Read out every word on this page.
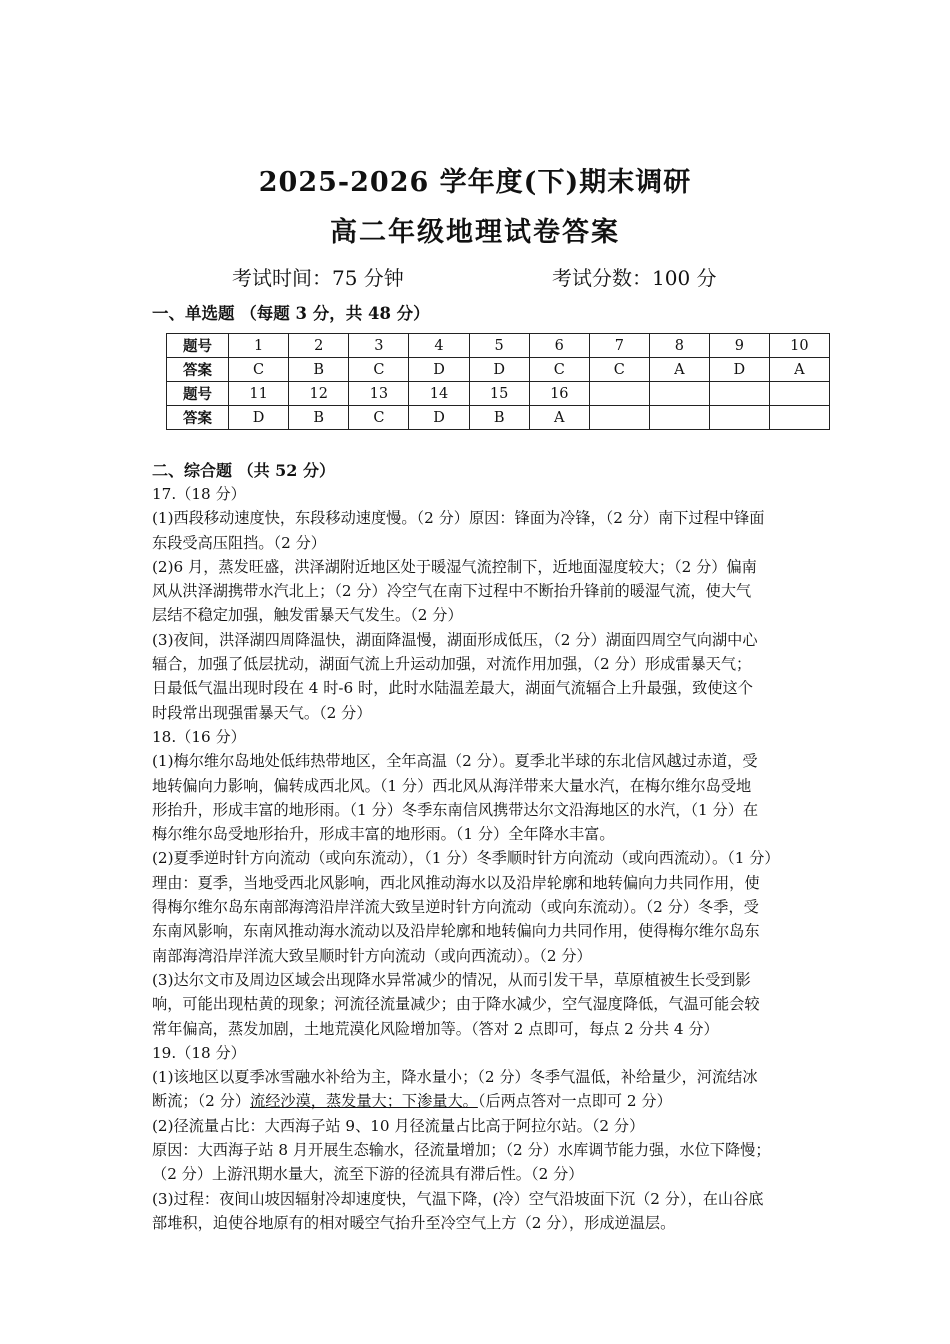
2025-2026 学年度(下)期末调研
高二年级地理试卷答案
考试时间：75 分钟	考试分数：100 分
一、单选题 （每题 3 分，共 48 分）
题号	1	2	3	4	5	6	7	8	9	10
答案	C	B	C	D	D	C	C	A	D	A
题号	11	12	13	14	15	16				
答案	D	B	C	D	B	A				
二、综合题 （共 52 分）

17.（18 分）

(1)西段移动速度快，东段移动速度慢。（2 分）原因：锋面为冷锋，（2 分）南下过程中锋面

东段受高压阻挡。（2 分）

(2)6 月，蒸发旺盛，洪泽湖附近地区处于暖湿气流控制下，近地面湿度较大；（2 分）偏南

风从洪泽湖携带水汽北上；（2 分）冷空气在南下过程中不断抬升锋前的暖湿气流，使大气

层结不稳定加强，触发雷暴天气发生。（2 分）

(3)夜间，洪泽湖四周降温快，湖面降温慢，湖面形成低压，（2 分）湖面四周空气向湖中心

辐合，加强了低层扰动，湖面气流上升运动加强，对流作用加强，（2 分）形成雷暴天气；

日最低气温出现时段在 4 时-6 时，此时水陆温差最大，湖面气流辐合上升最强，致使这个

时段常出现强雷暴天气。（2 分）

18.（16 分）

(1)梅尔维尔岛地处低纬热带地区，全年高温（2 分）。夏季北半球的东北信风越过赤道，受

地转偏向力影响，偏转成西北风。（1 分）西北风从海洋带来大量水汽，在梅尔维尔岛受地

形抬升，形成丰富的地形雨。（1 分）冬季东南信风携带达尔文沿海地区的水汽，（1 分）在

梅尔维尔岛受地形抬升，形成丰富的地形雨。（1 分）全年降水丰富。

(2)夏季逆时针方向流动（或向东流动），（1 分）冬季顺时针方向流动（或向西流动）。（1 分）

理由：夏季，当地受西北风影响，西北风推动海水以及沿岸轮廓和地转偏向力共同作用，使

得梅尔维尔岛东南部海湾沿岸洋流大致呈逆时针方向流动（或向东流动）。（2 分）冬季，受

东南风影响，东南风推动海水流动以及沿岸轮廓和地转偏向力共同作用，使得梅尔维尔岛东

南部海湾沿岸洋流大致呈顺时针方向流动（或向西流动）。（2 分）

(3)达尔文市及周边区域会出现降水异常减少的情况，从而引发干旱，草原植被生长受到影

响，可能出现枯黄的现象；河流径流量减少；由于降水减少，空气湿度降低，气温可能会较

常年偏高，蒸发加剧，土地荒漠化风险增加等。（答对 2 点即可，每点 2 分共 4 分）

19.（18 分）

(1)该地区以夏季冰雪融水补给为主，降水量小；（2 分）冬季气温低，补给量少，河流结冰

断流；（2 分）流经沙漠，蒸发量大；下渗量大。（后两点答对一点即可 2 分）

(2)径流量占比：大西海子站 9、10 月径流量占比高于阿拉尔站。（2 分）

原因：大西海子站 8 月开展生态输水，径流量增加；（2 分）水库调节能力强，水位下降慢；

（2 分）上游汛期水量大，流至下游的径流具有滞后性。（2 分）

(3)过程：夜间山坡因辐射冷却速度快，气温下降，(冷）空气沿坡面下沉（2 分），在山谷底

部堆积，迫使谷地原有的相对暖空气抬升至冷空气上方（2 分），形成逆温层。
